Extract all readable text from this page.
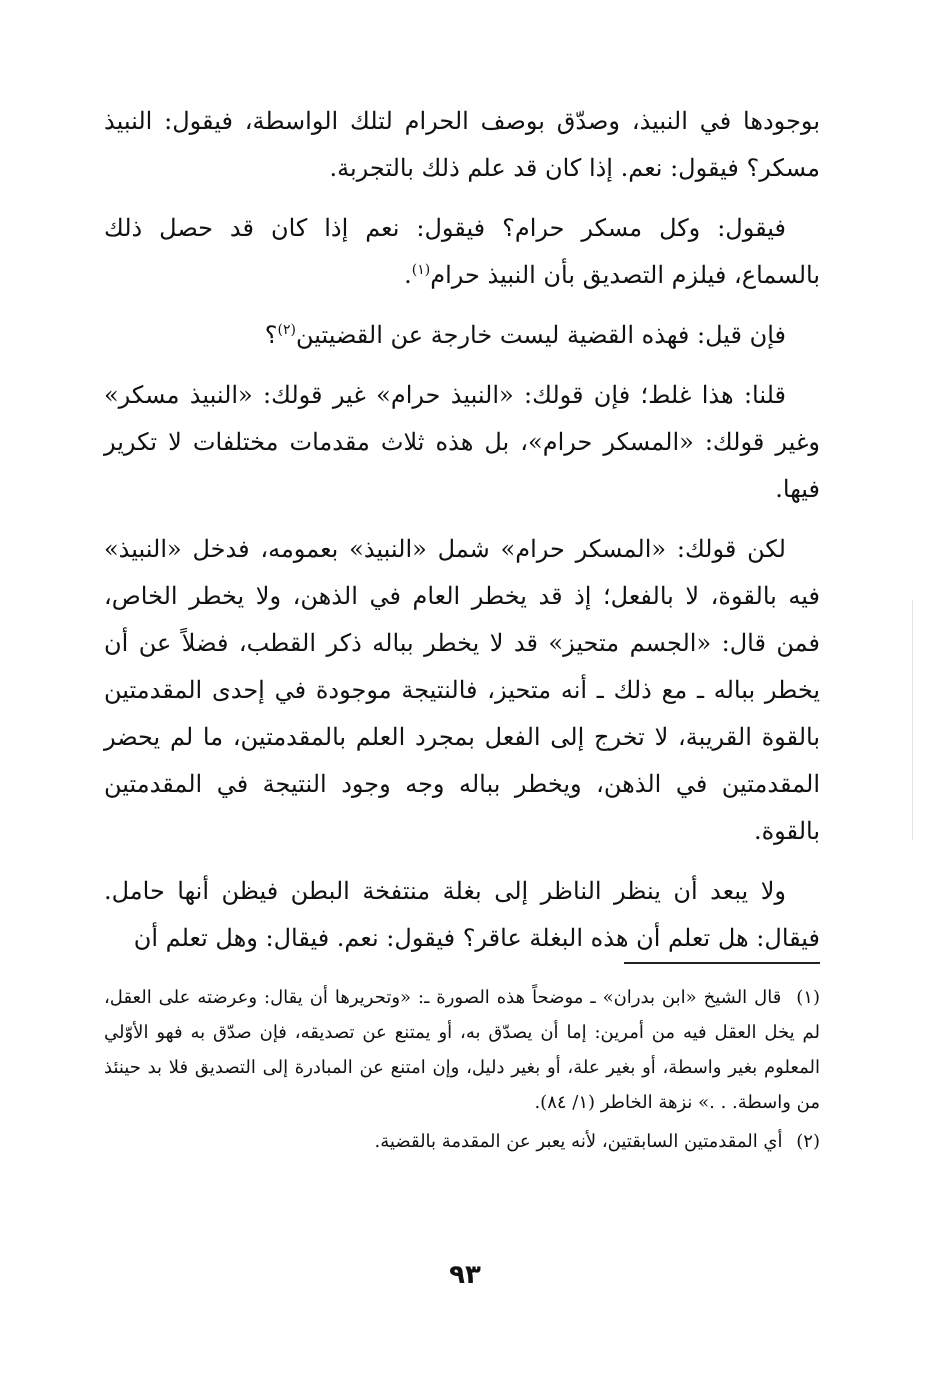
بوجودها في النبيذ، وصدّق بوصف الحرام لتلك الواسطة، فيقول: النبيذ مسكر؟ فيقول: نعم. إذا كان قد علم ذلك بالتجربة.

فيقول: وكل مسكر حرام؟ فيقول: نعم إذا كان قد حصل ذلك بالسماع، فيلزم التصديق بأن النبيذ حرام$^{(١)}$.

فإن قيل: فهذه القضية ليست خارجة عن القضيتين$^{(٢)}$؟

قلنا: هذا غلط؛ فإن قولك: «النبيذ حرام» غير قولك: «النبيذ مسكر» وغير قولك: «المسكر حرام»، بل هذه ثلاث مقدمات مختلفات لا تكرير فيها.

لكن قولك: «المسكر حرام» شمل «النبيذ» بعمومه، فدخل «النبيذ» فيه بالقوة، لا بالفعل؛ إذ قد يخطر العام في الذهن، ولا يخطر الخاص، فمن قال: «الجسم متحيز» قد لا يخطر بباله ذكر القطب، فضلاً عن أن يخطر بباله ـ مع ذلك ـ أنه متحيز، فالنتيجة موجودة في إحدى المقدمتين بالقوة القريبة، لا تخرج إلى الفعل بمجرد العلم بالمقدمتين، ما لم يحضر المقدمتين في الذهن، ويخطر بباله وجه وجود النتيجة في المقدمتين بالقوة.

ولا يبعد أن ينظر الناظر إلى بغلة منتفخة البطن فيظن أنها حامل. فيقال: هل تعلم أن هذه البغلة عاقر؟ فيقول: نعم. فيقال: وهل تعلم أن

(١) قال الشيخ «ابن بدران» ـ موضحاً هذه الصورة ـ: «وتحريرها أن يقال: وعرضته على العقل، لم يخل العقل فيه من أمرين: إما أن يصدّق به، أو يمتنع عن تصديقه، فإن صدّق به فهو الأوّلي المعلوم بغير واسطة، أو بغير علة، أو بغير دليل، وإن امتنع عن المبادرة إلى التصديق فلا بد حينئذ من واسطة. . .» نزهة الخاطر (١/ ٨٤).

(٢) أي المقدمتين السابقتين، لأنه يعبر عن المقدمة بالقضية.

٩٣
